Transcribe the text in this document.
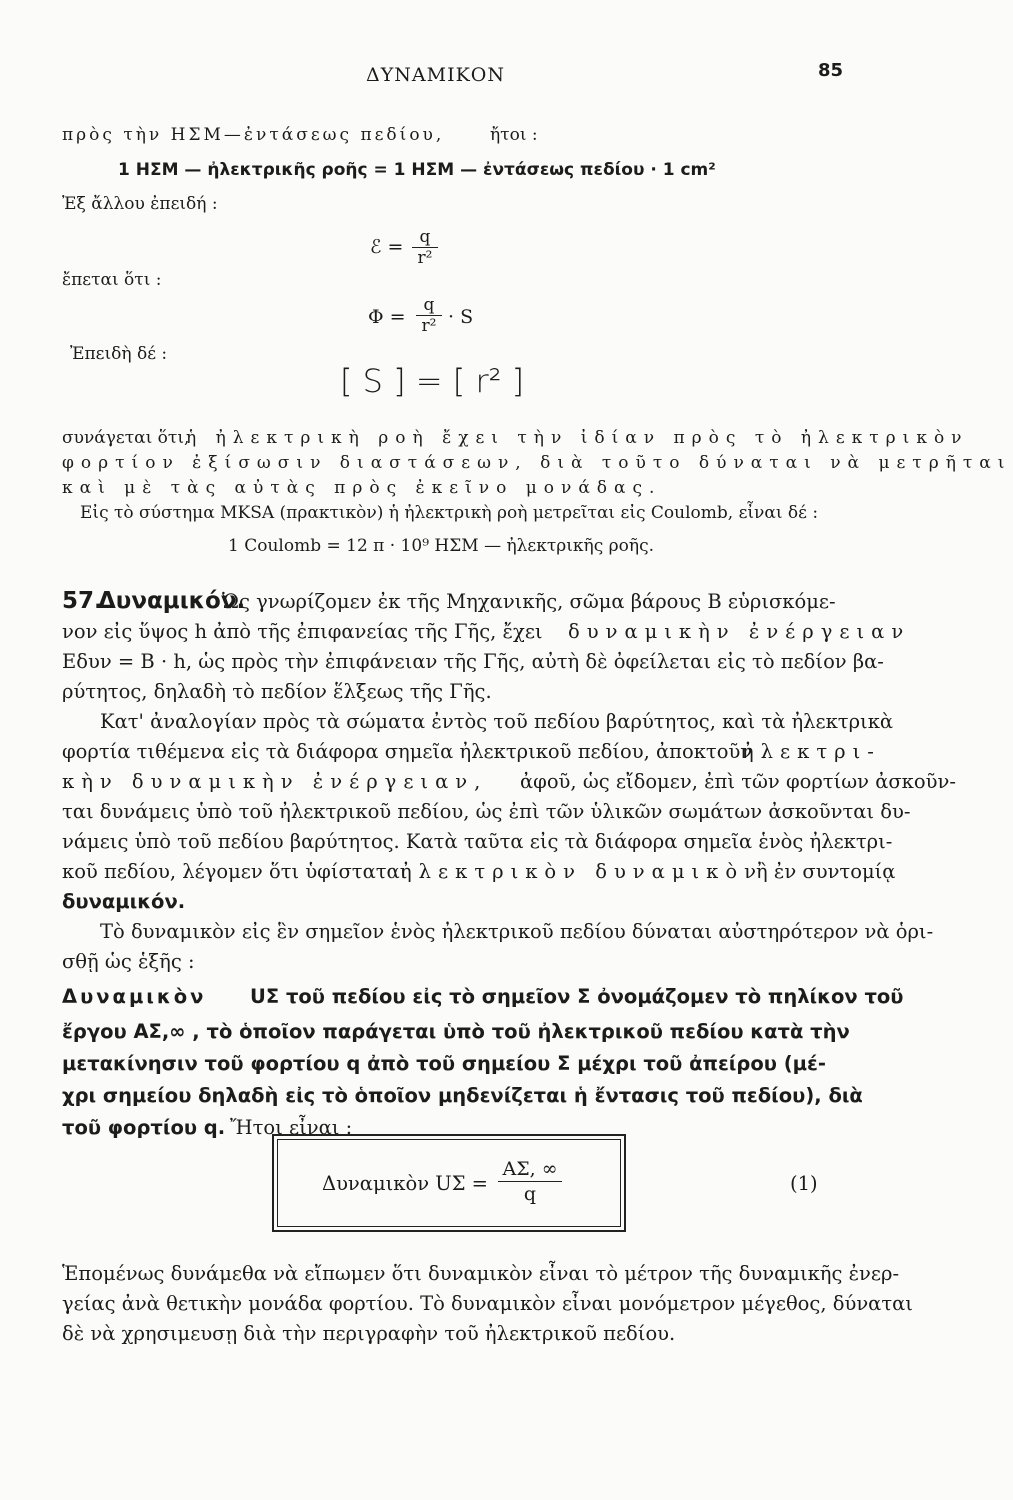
ΔΥΝΑΜΙΚΟΝ	85
πρὸς τὴν ΗΣΜ—ἐντάσεως πεδίου,	ἤτοι :
1 ΗΣΜ — ἠλεκτρικῆς ροῆς = 1 ΗΣΜ — ἐντάσεως πεδίου · 1 cm²
Ἐξ ἄλλου ἐπειδή :
ℰ = q
r²
ἔπεται ὅτι :
Φ =
q
r² · S
Ἐπειδὴ δέ :
[ S ] = [ r² ]
συνάγεται ὅτι,
ἡ ἠλεκτρικὴ ροὴ ἔχει τὴν ἰδίαν πρὸς τὸ ἠλεκτρικὸν
φορτίον ἐξίσωσιν διαστάσεων, διὰ τοῦτο δύναται νὰ μετρῆται
καὶ μὲ τὰς αὐτὰς πρὸς ἐκεῖνο μονάδας.
Εἰς τὸ σύστημα MKSA (πρακτικὸν) ἡ ἠλεκτρικὴ ροὴ μετρεῖται εἰς Coulomb, εἶναι δέ :
1 Coulomb = 12 π · 10⁹ ΗΣΜ — ἠλεκτρικῆς ροῆς.
57.
Δυναμικόν.
Ὡς γνωρίζομεν ἐκ τῆς Μηχανικῆς, σῶμα βάρους Β εὑρισκόμε-
νον εἰς ὕψος h ἀπὸ τῆς ἐπιφανείας τῆς Γῆς, ἔχει δυναμικὴν ἐνέργειαν
Eδυν = B · h, ὡς πρὸς τὴν ἐπιφάνειαν τῆς Γῆς, αὐτὴ δὲ ὀφείλεται εἰς τὸ πεδίον βα-
ρύτητος, δηλαδὴ τὸ πεδίον ἕλξεως τῆς Γῆς.
Κατ' ἀναλογίαν πρὸς τὰ σώματα ἐντὸς τοῦ πεδίου βαρύτητος, καὶ τὰ ἠλεκτρικὰ
φορτία τιθέμενα εἰς τὰ διάφορα σημεῖα ἠλεκτρικοῦ πεδίου, ἀποκτοῦν
ἠλεκτρι-
κὴν δυναμικὴν ἐνέργειαν, ἀφοῦ, ὡς εἴδομεν, ἐπὶ τῶν φορτίων ἀσκοῦν-
ται δυνάμεις ὑπὸ τοῦ ἠλεκτρικοῦ πεδίου, ὡς ἐπὶ τῶν ὑλικῶν σωμάτων ἀσκοῦνται δυ-
νάμεις ὑπὸ τοῦ πεδίου βαρύτητος. Κατὰ ταῦτα εἰς τὰ διάφορα σημεῖα ἑνὸς ἠλεκτρι-
κοῦ πεδίου, λέγομεν ὅτι ὑφίσταται
ἠλεκτρικὸν δυναμικὸν
ἢ ἐν συντομίᾳ
δυναμικόν.
Τὸ δυναμικὸν εἰς ἓν σημεῖον ἑνὸς ἠλεκτρικοῦ πεδίου δύναται αὐστηρότερον νὰ ὁρι-
σθῇ ὡς ἑξῆς :
Δυναμικὸν UΣ τοῦ πεδίου εἰς τὸ σημεῖον Σ ὀνομάζομεν τὸ πηλίκον τοῦ
ἔργου AΣ,∞ , τὸ ὁποῖον παράγεται ὑπὸ τοῦ ἠλεκτρικοῦ πεδίου κατὰ τὴν
μετακίνησιν τοῦ φορτίου q ἀπὸ τοῦ σημείου Σ μέχρι τοῦ ἀπείρου (μέ-
χρι σημείου δηλαδὴ εἰς τὸ ὁποῖον μηδενίζεται ἡ ἔντασις τοῦ πεδίου), διὰ
τοῦ φορτίου q. Ἤτοι εἶναι :
Δυναμικὸν UΣ =
AΣ, ∞
q	(1)
Ἑπομένως δυνάμεθα νὰ εἴπωμεν ὅτι δυναμικὸν εἶναι τὸ μέτρον τῆς δυναμικῆς ἐνερ-
γείας ἀνὰ θετικὴν μονάδα φορτίου. Τὸ δυναμικὸν εἶναι μονόμετρον μέγεθος, δύναται
δὲ νὰ χρησιμευσῃ διὰ τὴν περιγραφὴν τοῦ ἠλεκτρικοῦ πεδίου.
